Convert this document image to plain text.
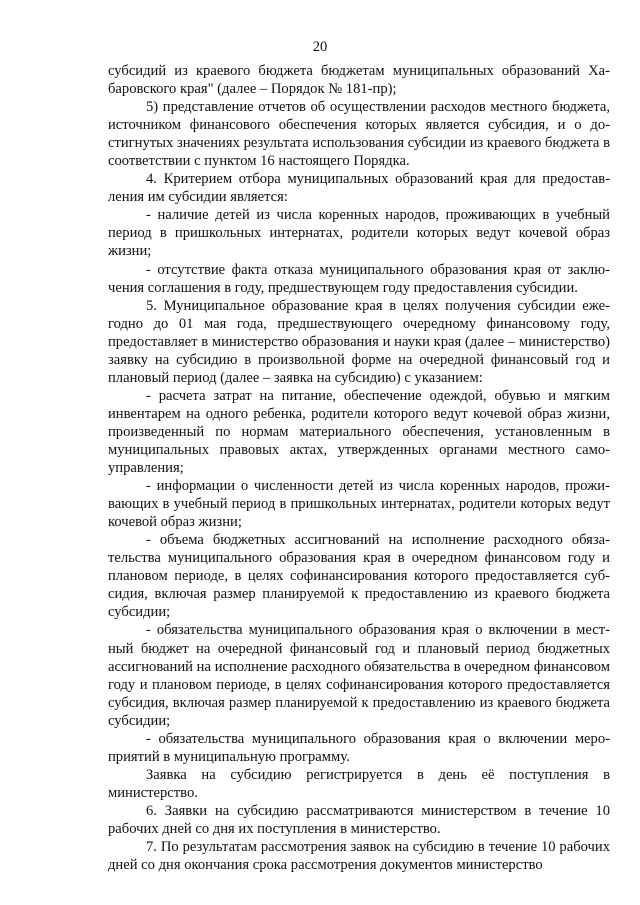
20

субсидий из краевого бюджета бюджетам муниципальных образований Хабаровского края" (далее – Порядок № 181-пр);

5) представление отчетов об осуществлении расходов местного бюджета, источником финансового обеспечения которых является субсидия, и о достигнутых значениях результата использования субсидии из краевого бюджета в соответствии с пунктом 16 настоящего Порядка.

4. Критерием отбора муниципальных образований края для предоставления им субсидии является:

- наличие детей из числа коренных народов, проживающих в учебный период в пришкольных интернатах, родители которых ведут кочевой образ жизни;

- отсутствие факта отказа муниципального образования края от заключения соглашения в году, предшествующем году предоставления субсидии.

5. Муниципальное образование края в целях получения субсидии ежегодно до 01 мая года, предшествующего очередному финансовому году, предоставляет в министерство образования и науки края (далее – министерство) заявку на субсидию в произвольной форме на очередной финансовый год и плановый период (далее – заявка на субсидию) с указанием:

- расчета затрат на питание, обеспечение одеждой, обувью и мягким инвентарем на одного ребенка, родители которого ведут кочевой образ жизни, произведенный по нормам материального обеспечения, установленным в муниципальных правовых актах, утвержденных органами местного самоуправления;

- информации о численности детей из числа коренных народов, проживающих в учебный период в пришкольных интернатах, родители которых ведут кочевой образ жизни;

- объема бюджетных ассигнований на исполнение расходного обязательства муниципального образования края в очередном финансовом году и плановом периоде, в целях софинансирования которого предоставляется субсидия, включая размер планируемой к предоставлению из краевого бюджета субсидии;

- обязательства муниципального образования края о включении в местный бюджет на очередной финансовый год и плановый период бюджетных ассигнований на исполнение расходного обязательства в очередном финансовом году и плановом периоде, в целях софинансирования которого предоставляется субсидия, включая размер планируемой к предоставлению из краевого бюджета субсидии;

- обязательства муниципального образования края о включении мероприятий в муниципальную программу.

Заявка на субсидию регистрируется в день её поступления в министерство.

6. Заявки на субсидию рассматриваются министерством в течение 10 рабочих дней со дня их поступления в министерство.

7. По результатам рассмотрения заявок на субсидию в течение 10 рабочих дней со дня окончания срока рассмотрения документов министерство
